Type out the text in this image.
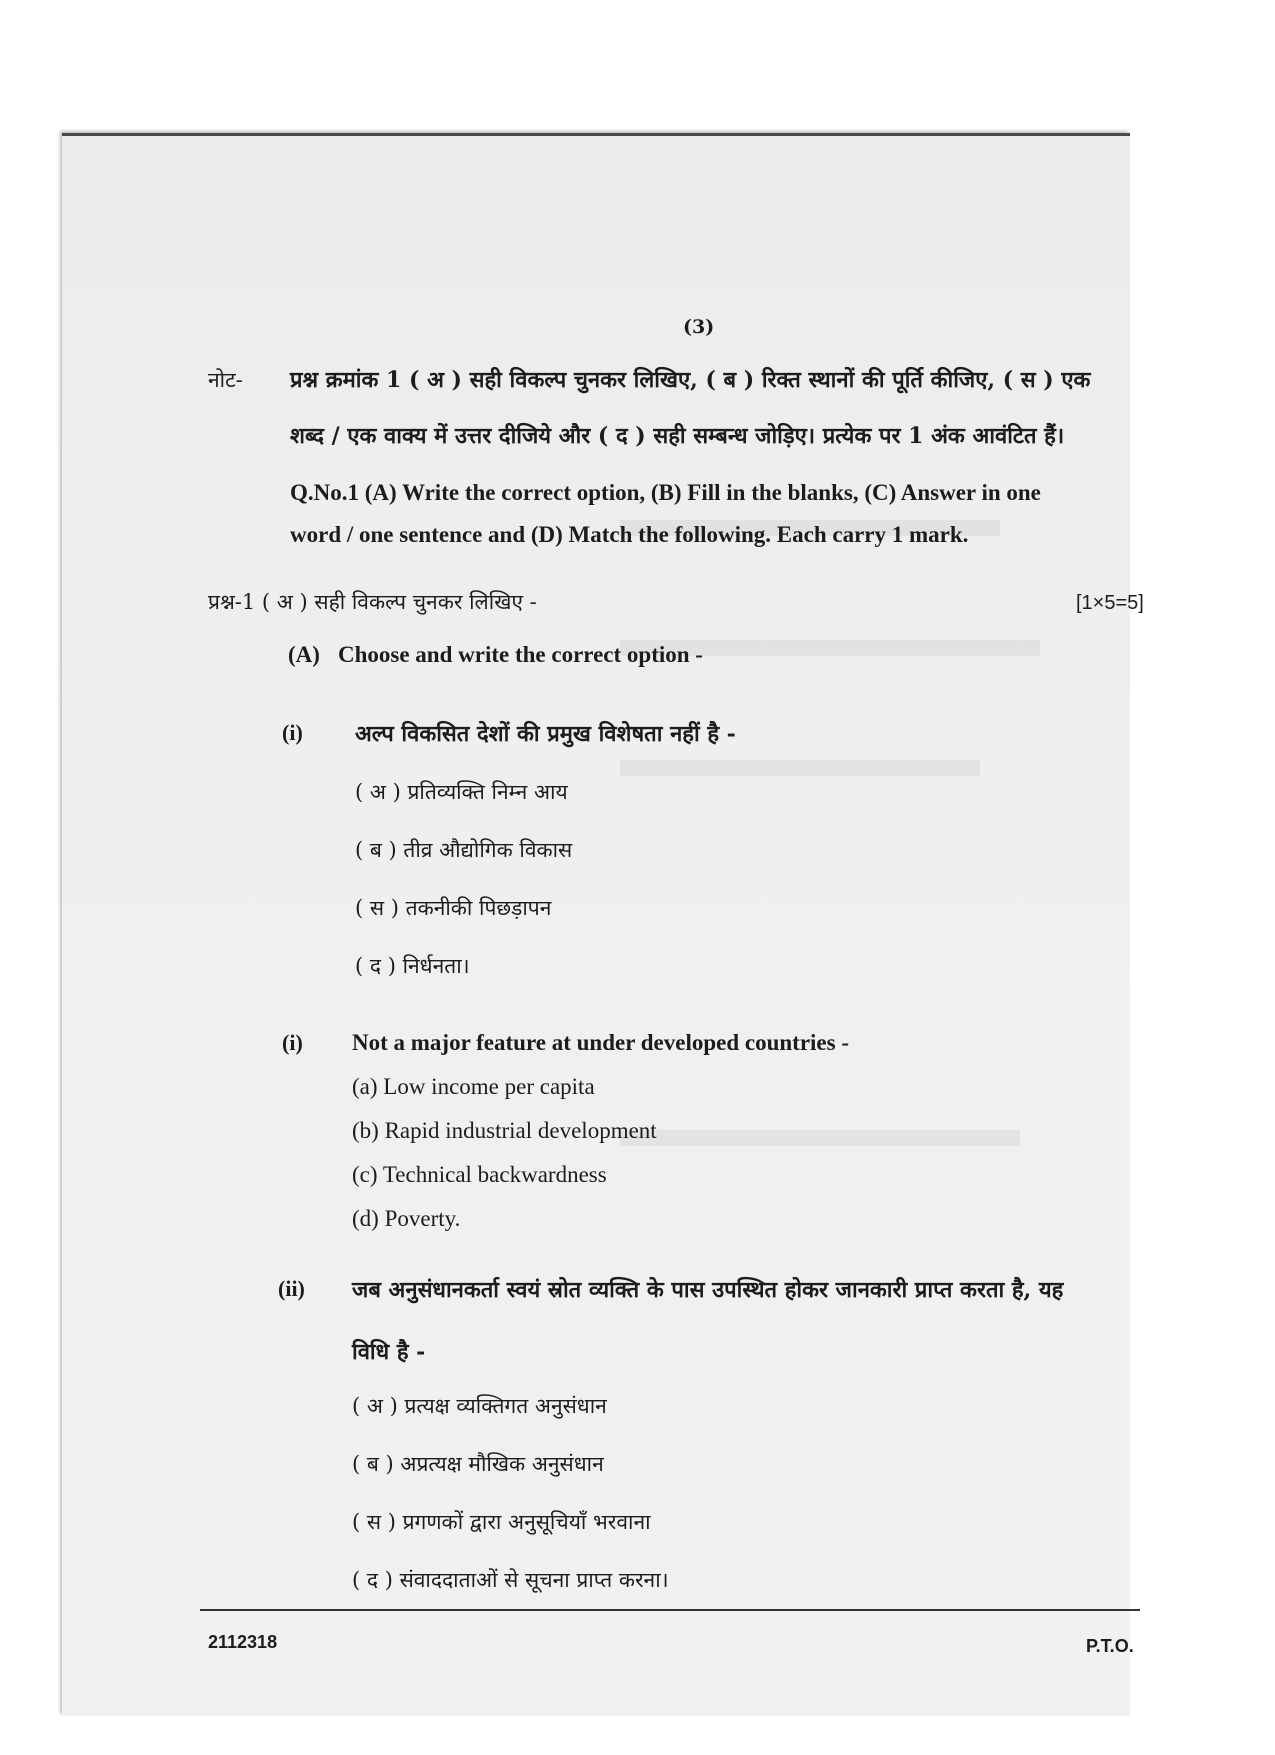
(3)
नोट- प्रश्न क्रमांक 1 ( अ ) सही विकल्प चुनकर लिखिए, ( ब ) रिक्त स्थानों की पूर्ति कीजिए, ( स ) एक
शब्द / एक वाक्य में उत्तर दीजिये और ( द ) सही सम्बन्ध जोड़िए। प्रत्येक पर 1 अंक आवंटित हैं।
Q.No.1 (A) Write the correct option, (B) Fill in the blanks, (C) Answer in one
word / one sentence and (D) Match the following. Each carry 1 mark.
प्रश्न-1 ( अ ) सही विकल्प चुनकर लिखिए -	[1×5=5]
(A) Choose and write the correct option -
(i) अल्प विकसित देशों की प्रमुख विशेषता नहीं है -
( अ ) प्रतिव्यक्ति निम्न आय
( ब ) तीव्र औद्योगिक विकास
( स ) तकनीकी पिछड़ापन
( द ) निर्धनता।
(i) Not a major feature at under developed countries -
(a) Low income per capita
(b) Rapid industrial development
(c) Technical backwardness
(d) Poverty.
(ii) जब अनुसंधानकर्ता स्वयं स्रोत व्यक्ति के पास उपस्थित होकर जानकारी प्राप्त करता है, यह
विधि है -
( अ ) प्रत्यक्ष व्यक्तिगत अनुसंधान
( ब ) अप्रत्यक्ष मौखिक अनुसंधान
( स ) प्रगणकों द्वारा अनुसूचियाँ भरवाना
( द ) संवाददाताओं से सूचना प्राप्त करना।
2112318	P.T.O.
